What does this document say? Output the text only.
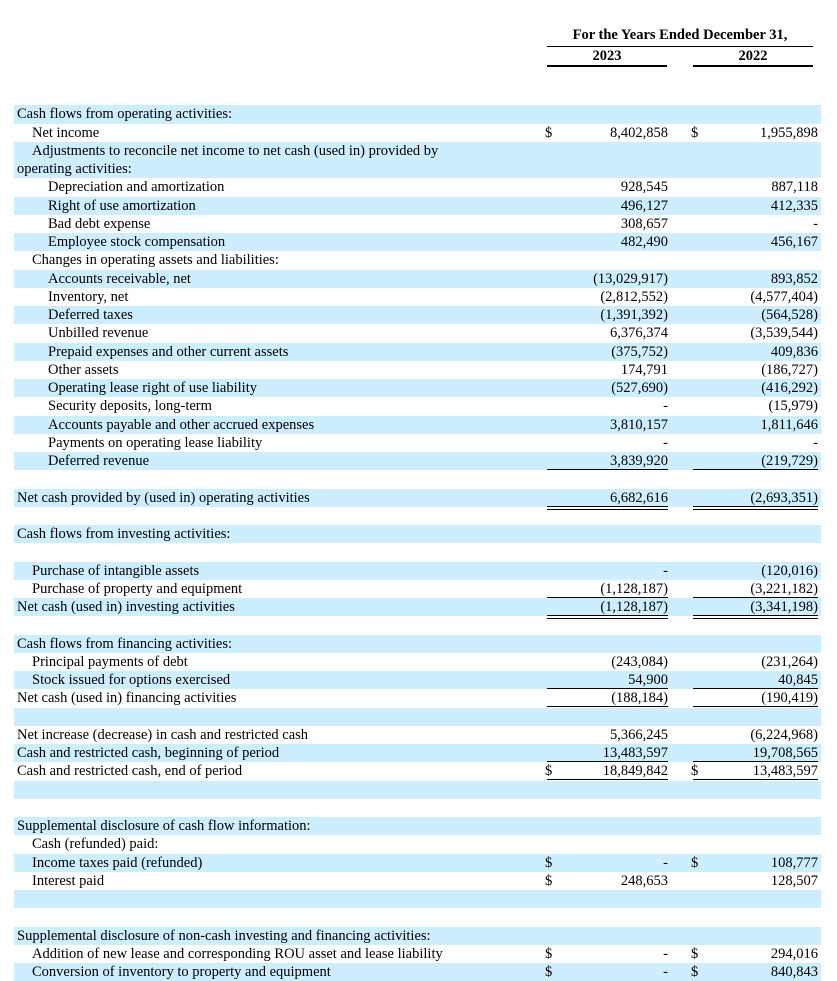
For the Years Ended December 31,
2023	2022
Cash flows from operating activities:
Net income	$	8,402,858 $	1,955,898
Adjustments to reconcile net income to net cash (used in) provided by
operating activities:
Depreciation and amortization	928,545	887,118
Right of use amortization	496,127	412,335
Bad debt expense	308,657	-
Employee stock compensation	482,490	456,167
Changes in operating assets and liabilities:
Accounts receivable, net	(13,029,917)	893,852
Inventory, net	(2,812,552)	(4,577,404)
Deferred taxes	(1,391,392)	(564,528)
Unbilled revenue	6,376,374	(3,539,544)
Prepaid expenses and other current assets	(375,752)	409,836
Other assets	174,791	(186,727)
Operating lease right of use liability	(527,690)	(416,292)
Security deposits, long-term	-	(15,979)
Accounts payable and other accrued expenses	3,810,157	1,811,646
Payments on operating lease liability	-	-
Deferred revenue	3,839,920	(219,729)
Net cash provided by (used in) operating activities	6,682,616	(2,693,351)
Cash flows from investing activities:
Purchase of intangible assets	-	(120,016)
Purchase of property and equipment	(1,128,187)	(3,221,182)
Net cash (used in) investing activities	(1,128,187)	(3,341,198)
Cash flows from financing activities:
Principal payments of debt	(243,084)	(231,264)
Stock issued for options exercised	54,900	40,845
Net cash (used in) financing activities	(188,184)	(190,419)
Net increase (decrease) in cash and restricted cash	5,366,245	(6,224,968)
Cash and restricted cash, beginning of period	13,483,597	19,708,565
Cash and restricted cash, end of period	$	18,849,842 $	13,483,597
Supplemental disclosure of cash flow information:
Cash (refunded) paid:
Income taxes paid (refunded)	$	- $	108,777
Interest paid	$	248,653	128,507
Supplemental disclosure of non-cash investing and financing activities:
Addition of new lease and corresponding ROU asset and lease liability	$	- $	294,016
Conversion of inventory to property and equipment	$	- $	840,843
